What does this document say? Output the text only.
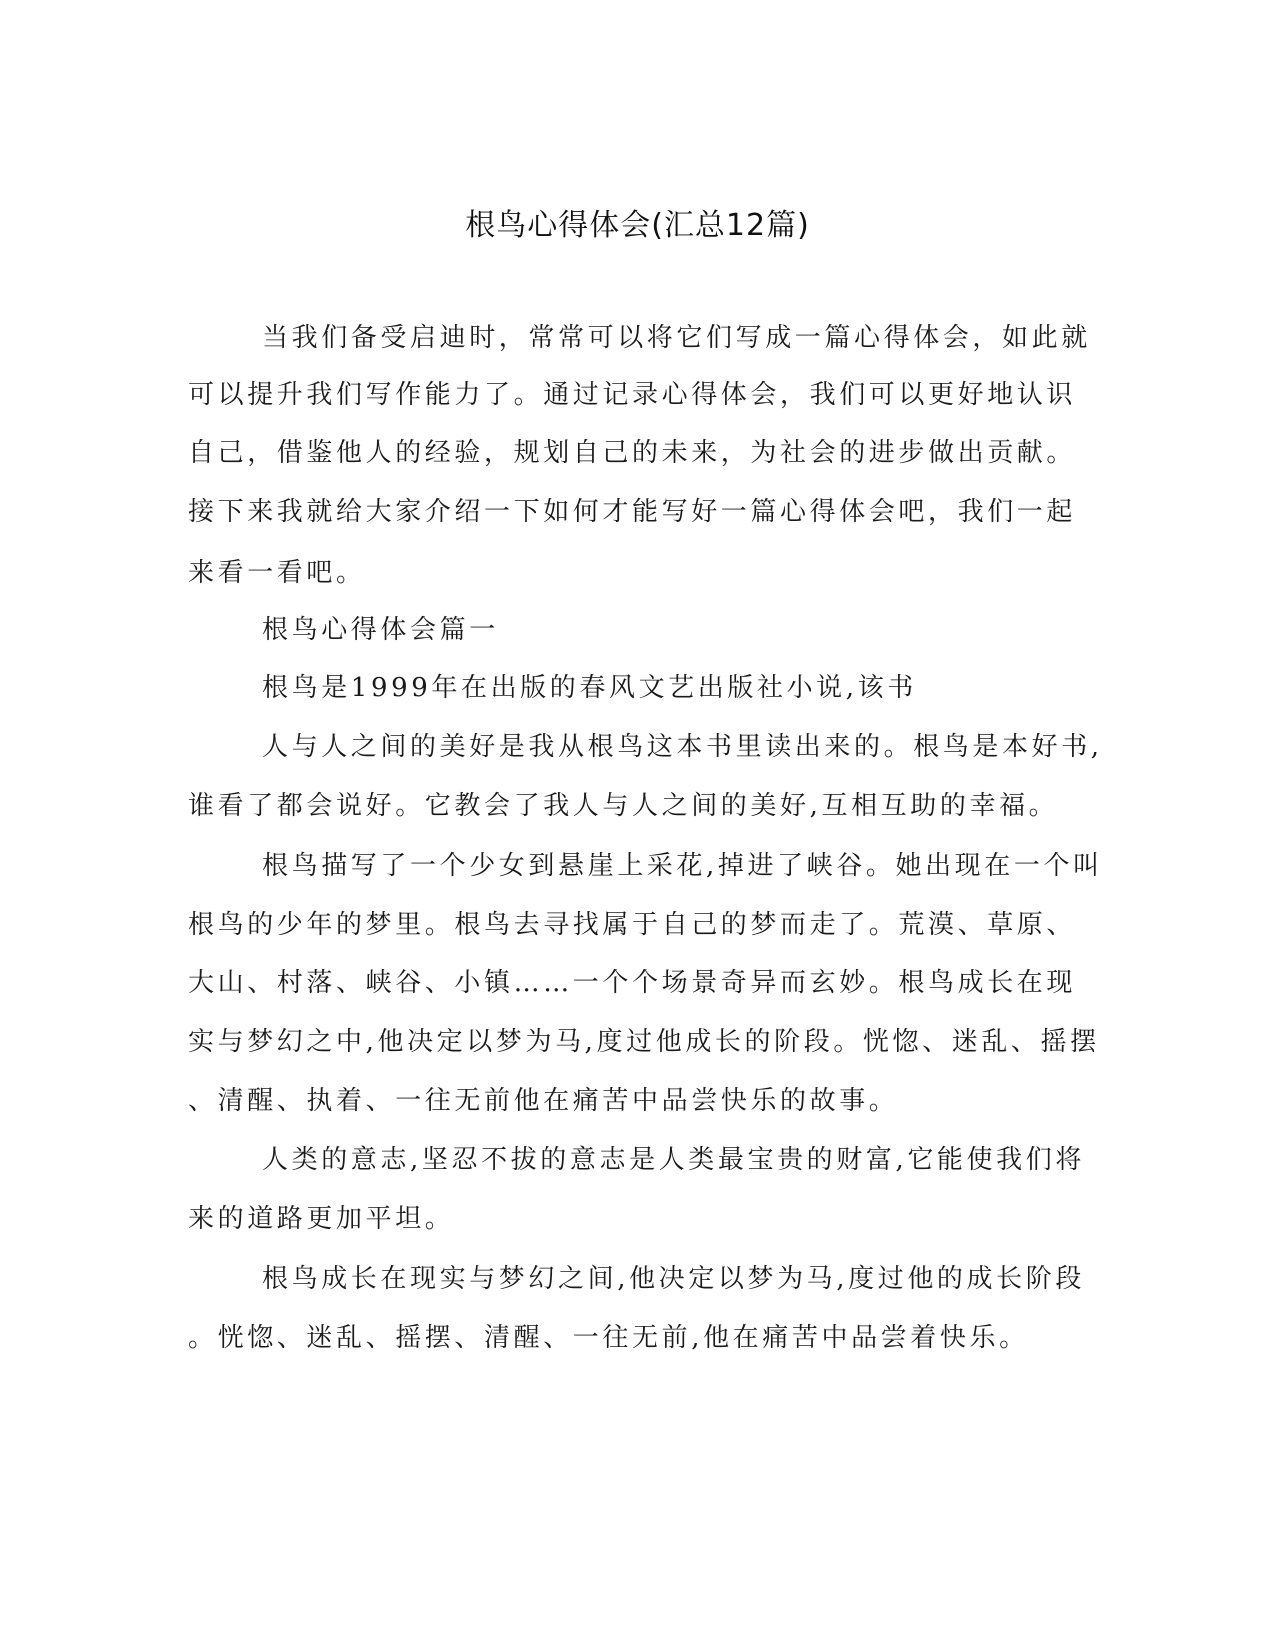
根鸟心得体会(汇总12篇)
当我们备受启迪时，常常可以将它们写成一篇心得体会，如此就
可以提升我们写作能力了。通过记录心得体会，我们可以更好地认识
自己，借鉴他人的经验，规划自己的未来，为社会的进步做出贡献。
接下来我就给大家介绍一下如何才能写好一篇心得体会吧，我们一起
来看一看吧。
根鸟心得体会篇一
根鸟是1999年在出版的春风文艺出版社小说,该书
人与人之间的美好是我从根鸟这本书里读出来的。根鸟是本好书,
谁看了都会说好。它教会了我人与人之间的美好,互相互助的幸福。
根鸟描写了一个少女到悬崖上采花,掉进了峡谷。她出现在一个叫
根鸟的少年的梦里。根鸟去寻找属于自己的梦而走了。荒漠、草原、
大山、村落、峡谷、小镇……一个个场景奇异而玄妙。根鸟成长在现
实与梦幻之中,他决定以梦为马,度过他成长的阶段。恍惚、迷乱、摇摆
、清醒、执着、一往无前他在痛苦中品尝快乐的故事。
人类的意志,坚忍不拔的意志是人类最宝贵的财富,它能使我们将
来的道路更加平坦。
根鸟成长在现实与梦幻之间,他决定以梦为马,度过他的成长阶段
。恍惚、迷乱、摇摆、清醒、一往无前,他在痛苦中品尝着快乐。
